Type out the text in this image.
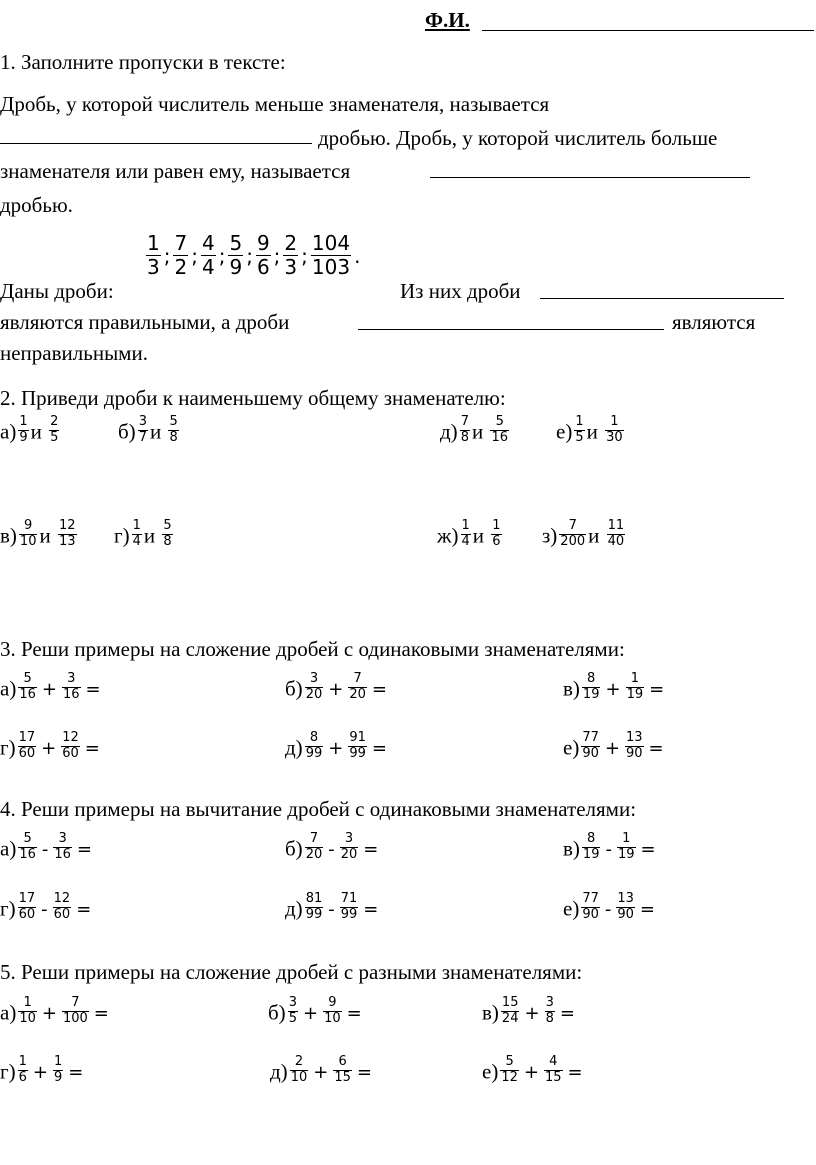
Ф.И.
1. Заполните пропуски в тексте:
Дробь, у которой числитель меньше знаменателя, называется
дробью. Дробь, у которой числитель больше
знаменателя или равен ему, называется
дробью.
Даны дроби:
$\frac{1}{3}$ ; $\frac{7}{2}$ ; $\frac{4}{4}$ ; $\frac{5}{9}$ ; $\frac{9}{6}$ ; $\frac{2}{3}$ ; $\frac{104}{103}$ .
Из них дроби
являются правильными, а дроби	являются
неправильными.
2. Приведи дроби к наименьшему общему знаменателю:
$а) \frac{1}{9}$ и $\frac{2}{5}$	$б) \frac{3}{7}$ и $\frac{5}{8}$	$д) \frac{7}{8}$ и $\frac{5}{16} е) \frac{1}{5}$ и $\frac{1}{30}$
$в) \frac{9}{10}$ и $\frac{12}{13} г) \frac{1}{4}$ и $\frac{5}{8}$	$ж) \frac{1}{4}$ и $\frac{1}{6} з) \frac{7}{200}$ и $\frac{11}{40}$
3. Реши примеры на сложение дробей с одинаковыми знаменателями:
$а) \frac{5}{16} + \frac{3}{16}$ =	$б) \frac{3}{20} + \frac{7}{20}$ =	$в) \frac{8}{19} + \frac{1}{19}$ =
$г) \frac{17}{60} + \frac{12}{60}$ =	$д) \frac{8}{99} + \frac{91}{99}$ =	$е) \frac{77}{90} + \frac{13}{90}$ =
4. Реши примеры на вычитание дробей с одинаковыми знаменателями:
$а) \frac{5}{16} - \frac{3}{16}$ =	$б) \frac{7}{20} - \frac{3}{20}$ =	$в) \frac{8}{19} - \frac{1}{19}$ =
$г) \frac{17}{60} - \frac{12}{60}$ =	$д) \frac{81}{99} - \frac{71}{99}$ =	$е) \frac{77}{90} - \frac{13}{90}$ =
5. Реши примеры на сложение дробей с разными знаменателями:
$а) \frac{1}{10} + \frac{7}{100}$ =	$б) \frac{3}{5} + \frac{9}{10}$ =	$в) \frac{15}{24} + \frac{3}{8}$ =
$г) \frac{1}{6} + \frac{1}{9}$ =	$д) \frac{2}{10} + \frac{6}{15}$ =	$е) \frac{5}{12} + \frac{4}{15}$ =
